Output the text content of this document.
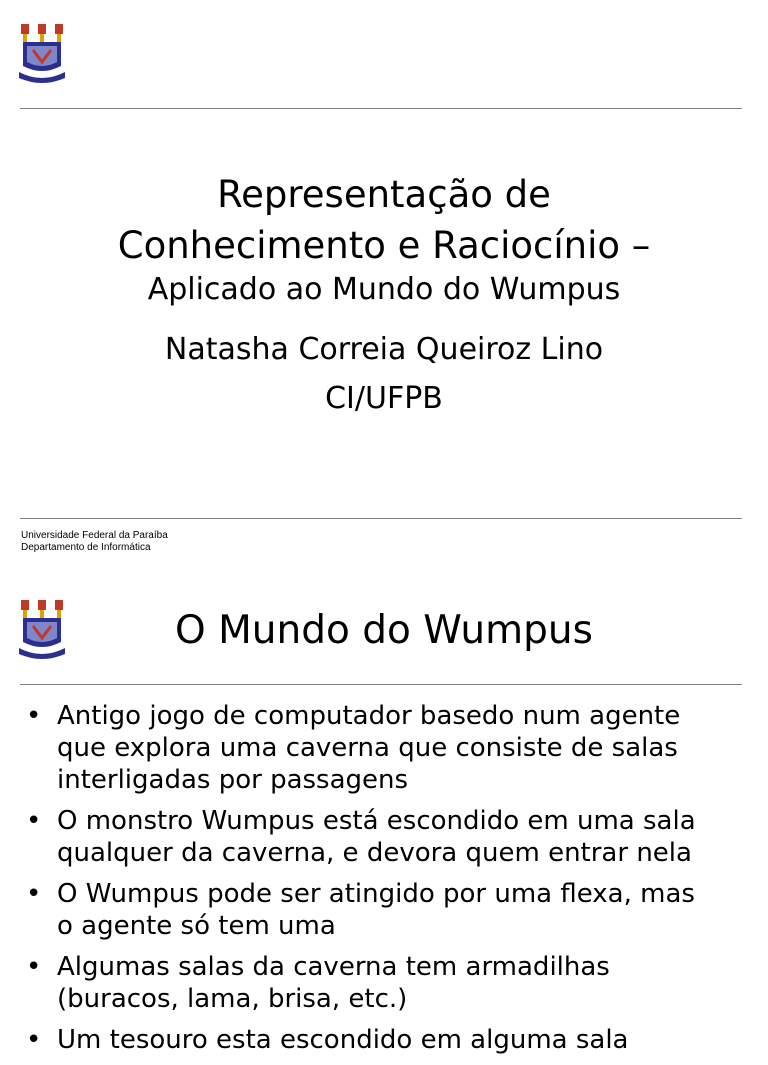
Representação de
Conhecimento e Raciocínio –
Aplicado ao Mundo do Wumpus
Natasha Correia Queiroz Lino
CI/UFPB
Universidade Federal da Paraíba
Departamento de Informática
O Mundo do Wumpus
• Antigo jogo de computador basedo num agente
que explora uma caverna que consiste de salas
interligadas por passagens
• O monstro Wumpus está escondido em uma sala
qualquer da caverna, e devora quem entrar nela
• O Wumpus pode ser atingido por uma flexa, mas
o agente só tem uma
• Algumas salas da caverna tem armadilhas
(buracos, lama, brisa, etc.)
• Um tesouro esta escondido em alguma sala
